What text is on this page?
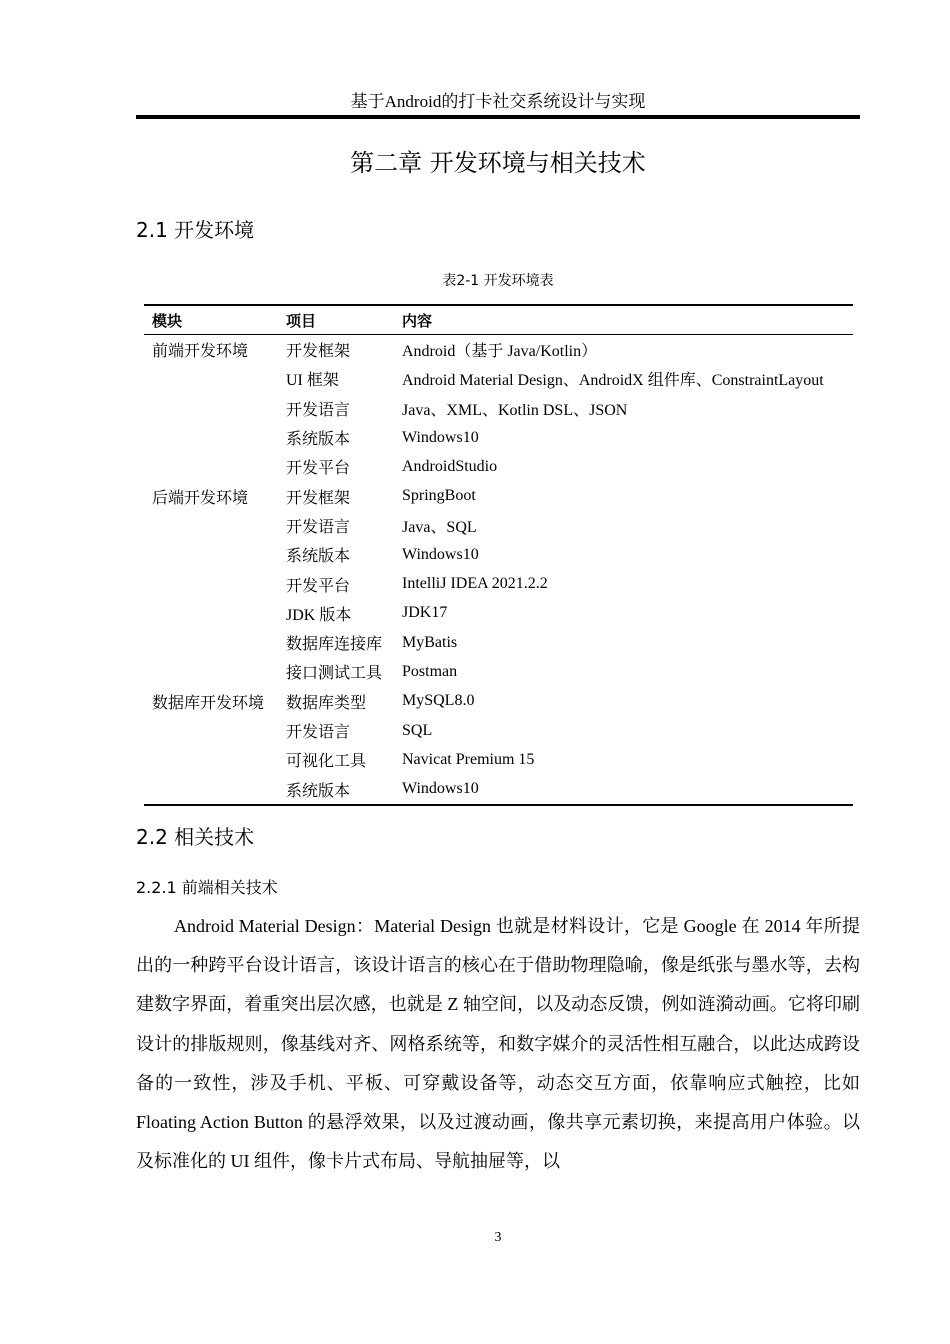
基于Android的打卡社交系统设计与实现
第二章 开发环境与相关技术
2.1 开发环境
表2-1 开发环境表
模块	项目	内容
前端开发环境	开发框架	Android（基于 Java/Kotlin）
	UI 框架	Android Material Design、AndroidX 组件库、ConstraintLayout
	开发语言	Java、XML、Kotlin DSL、JSON
	系统版本	Windows10
	开发平台	AndroidStudio
后端开发环境	开发框架	SpringBoot
	开发语言	Java、SQL
	系统版本	Windows10
	开发平台	IntelliJ IDEA 2021.2.2
	JDK 版本	JDK17
	数据库连接库	MyBatis
	接口测试工具	Postman
数据库开发环境	数据库类型	MySQL8.0
	开发语言	SQL
	可视化工具	Navicat Premium 15
	系统版本	Windows10
2.2 相关技术
2.2.1 前端相关技术

Android Material Design：Material Design 也就是材料设计，它是 Google 在 2014 年所提出的一种跨平台设计语言，该设计语言的核心在于借助物理隐喻，像是纸张与墨水等，去构建数字界面，着重突出层次感，也就是 Z 轴空间，以及动态反馈，例如涟漪动画。它将印刷设计的排版规则，像基线对齐、网格系统等，和数字媒介的灵活性相互融合，以此达成跨设备的一致性，涉及手机、平板、可穿戴设备等，动态交互方面，依靠响应式触控，比如 Floating Action Button 的悬浮效果，以及过渡动画，像共享元素切换，来提高用户体验。以及标准化的 UI 组件，像卡片式布局、导航抽屉等，以

3
